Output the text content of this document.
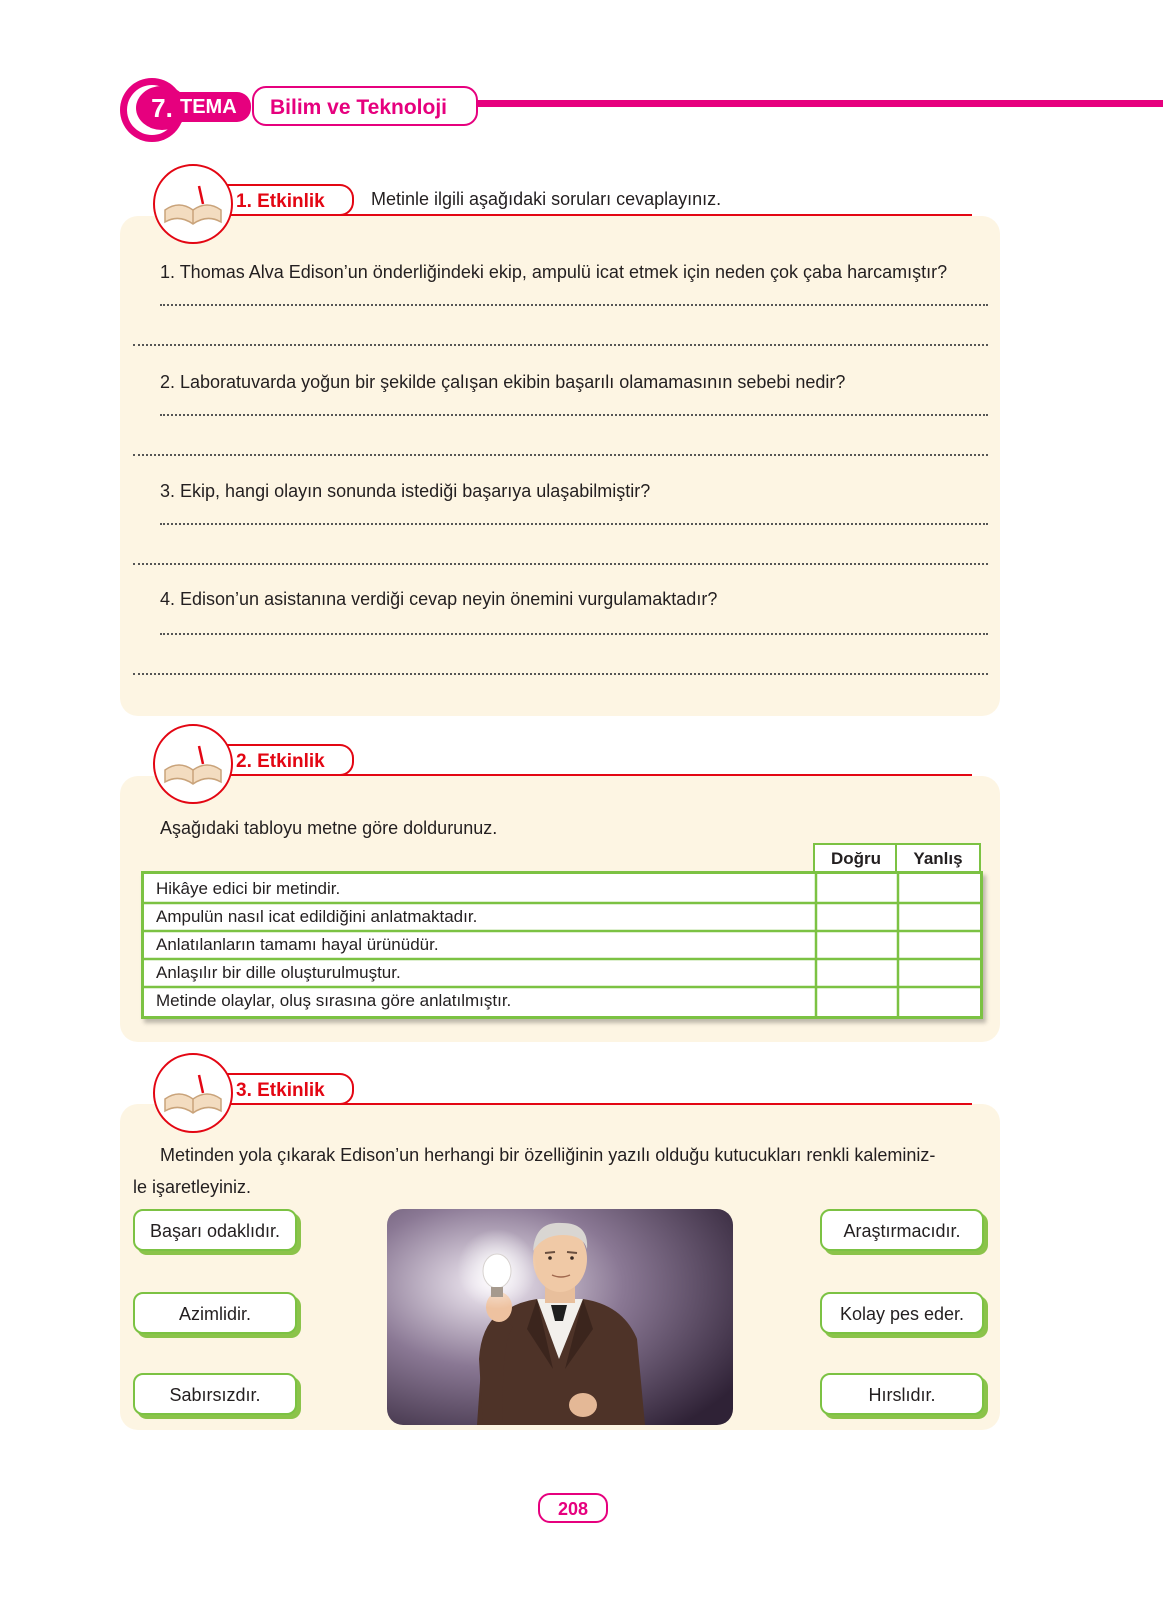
7. TEMA	Bilim ve Teknoloji
1. Etkinlik	Metinle ilgili aşağıdaki soruları cevaplayınız.
1. Thomas Alva Edison’un önderliğindeki ekip, ampulü icat etmek için neden çok çaba harcamıştır?
2. Laboratuvarda yoğun bir şekilde çalışan ekibin başarılı olamamasının sebebi nedir?
3. Ekip, hangi olayın sonunda istediği başarıya ulaşabilmiştir?
4. Edison’un asistanına verdiği cevap neyin önemini vurgulamaktadır?
2. Etkinlik
Aşağıdaki tabloyu metne göre doldurunuz.
Doğru	Yanlış
Hikâye edici bir metindir.
Ampulün nasıl icat edildiğini anlatmaktadır.
Anlatılanların tamamı hayal ürünüdür.
Anlaşılır bir dille oluşturulmuştur.
Metinde olaylar, oluş sırasına göre anlatılmıştır.
3. Etkinlik
Metinden yola çıkarak Edison’un herhangi bir özelliğinin yazılı olduğu kutucukları renkli kaleminiz-
le işaretleyiniz.
Başarı odaklıdır.
Azimlidir.
Sabırsızdır.
Araştırmacıdır.
Kolay pes eder.
Hırslıdır.
208
